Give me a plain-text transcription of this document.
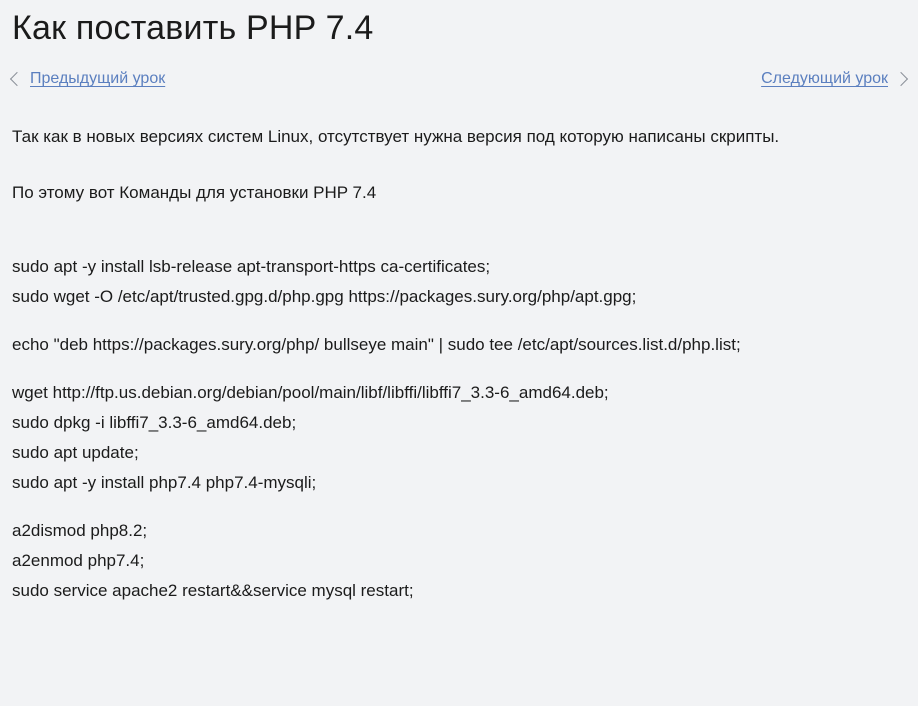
Как поставить PHP 7.4
Предыдущий урок	Следующий урок

Так как в новых версиях систем Linux, отсутствует нужна версия под которую написаны скрипты.

По этому вот Команды для установки PHP 7.4

sudo apt -y install lsb-release apt-transport-https ca-certificates;
sudo wget -O /etc/apt/trusted.gpg.d/php.gpg https://packages.sury.org/php/apt.gpg;
echo "deb https://packages.sury.org/php/ bullseye main" | sudo tee /etc/apt/sources.list.d/php.list;
wget http://ftp.us.debian.org/debian/pool/main/libf/libffi/libffi7_3.3-6_amd64.deb;
sudo dpkg -i libffi7_3.3-6_amd64.deb;
sudo apt update;
sudo apt -y install php7.4 php7.4-mysqli;
a2dismod php8.2;
a2enmod php7.4;
sudo service apache2 restart&&service mysql restart;
